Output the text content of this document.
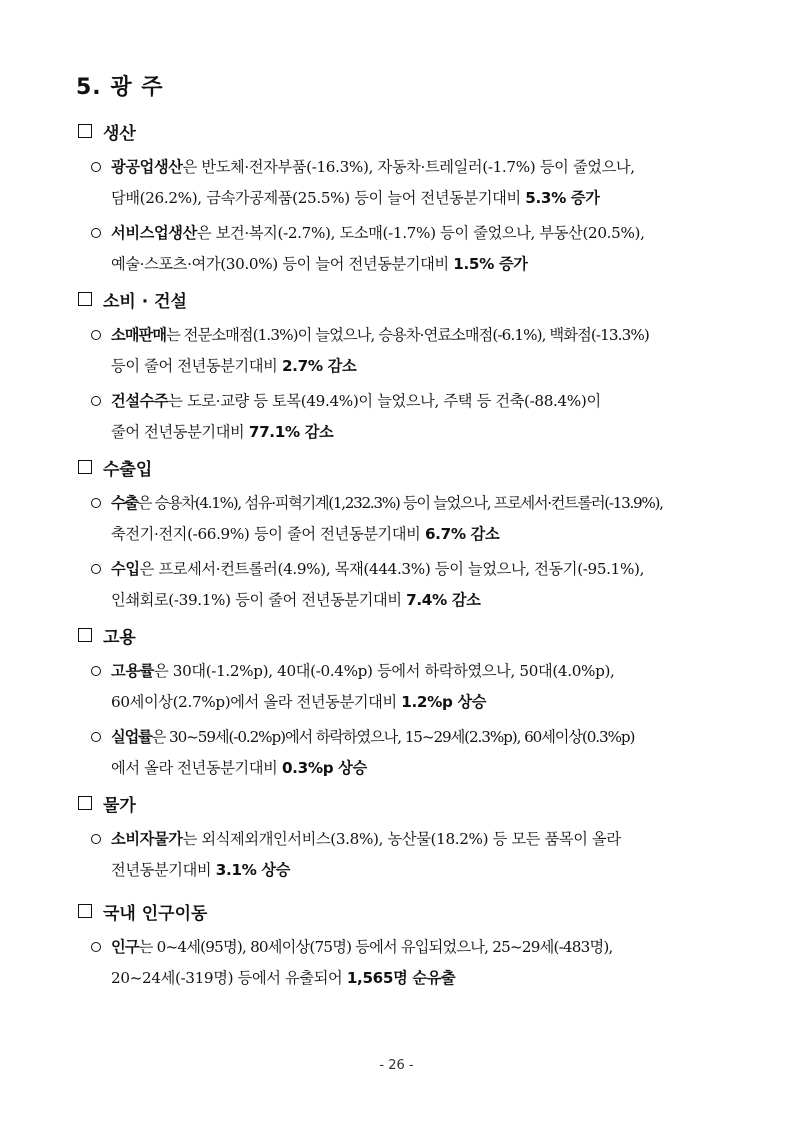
5. 광 주
생산
광공업생산은 반도체·전자부품(-16.3%), 자동차·트레일러(-1.7%) 등이 줄었으나,
담배(26.2%), 금속가공제품(25.5%) 등이 늘어 전년동분기대비 5.3% 증가
서비스업생산은 보건·복지(-2.7%), 도소매(-1.7%) 등이 줄었으나, 부동산(20.5%),
예술·스포츠·여가(30.0%) 등이 늘어 전년동분기대비 1.5% 증가
소비 · 건설
소매판매는 전문소매점(1.3%)이 늘었으나, 승용차·연료소매점(-6.1%), 백화점(-13.3%)
등이 줄어 전년동분기대비 2.7% 감소
건설수주는 도로·교량 등 토목(49.4%)이 늘었으나, 주택 등 건축(-88.4%)이
줄어 전년동분기대비 77.1% 감소
수출입
수출은 승용차(4.1%), 섬유·피혁기계(1,232.3%) 등이 늘었으나, 프로세서·컨트롤러(-13.9%),
축전기·전지(-66.9%) 등이 줄어 전년동분기대비 6.7% 감소
수입은 프로세서·컨트롤러(4.9%), 목재(444.3%) 등이 늘었으나, 전동기(-95.1%),
인쇄회로(-39.1%) 등이 줄어 전년동분기대비 7.4% 감소
고용
고용률은 30대(-1.2%p), 40대(-0.4%p) 등에서 하락하였으나, 50대(4.0%p),
60세이상(2.7%p)에서 올라 전년동분기대비 1.2%p 상승
실업률은 30~59세(-0.2%p)에서 하락하였으나, 15~29세(2.3%p), 60세이상(0.3%p)
에서 올라 전년동분기대비 0.3%p 상승
물가
소비자물가는 외식제외개인서비스(3.8%), 농산물(18.2%) 등 모든 품목이 올라
전년동분기대비 3.1% 상승
국내 인구이동
인구는 0~4세(95명), 80세이상(75명) 등에서 유입되었으나, 25~29세(-483명),
20~24세(-319명) 등에서 유출되어 1,565명 순유출
- 26 -
